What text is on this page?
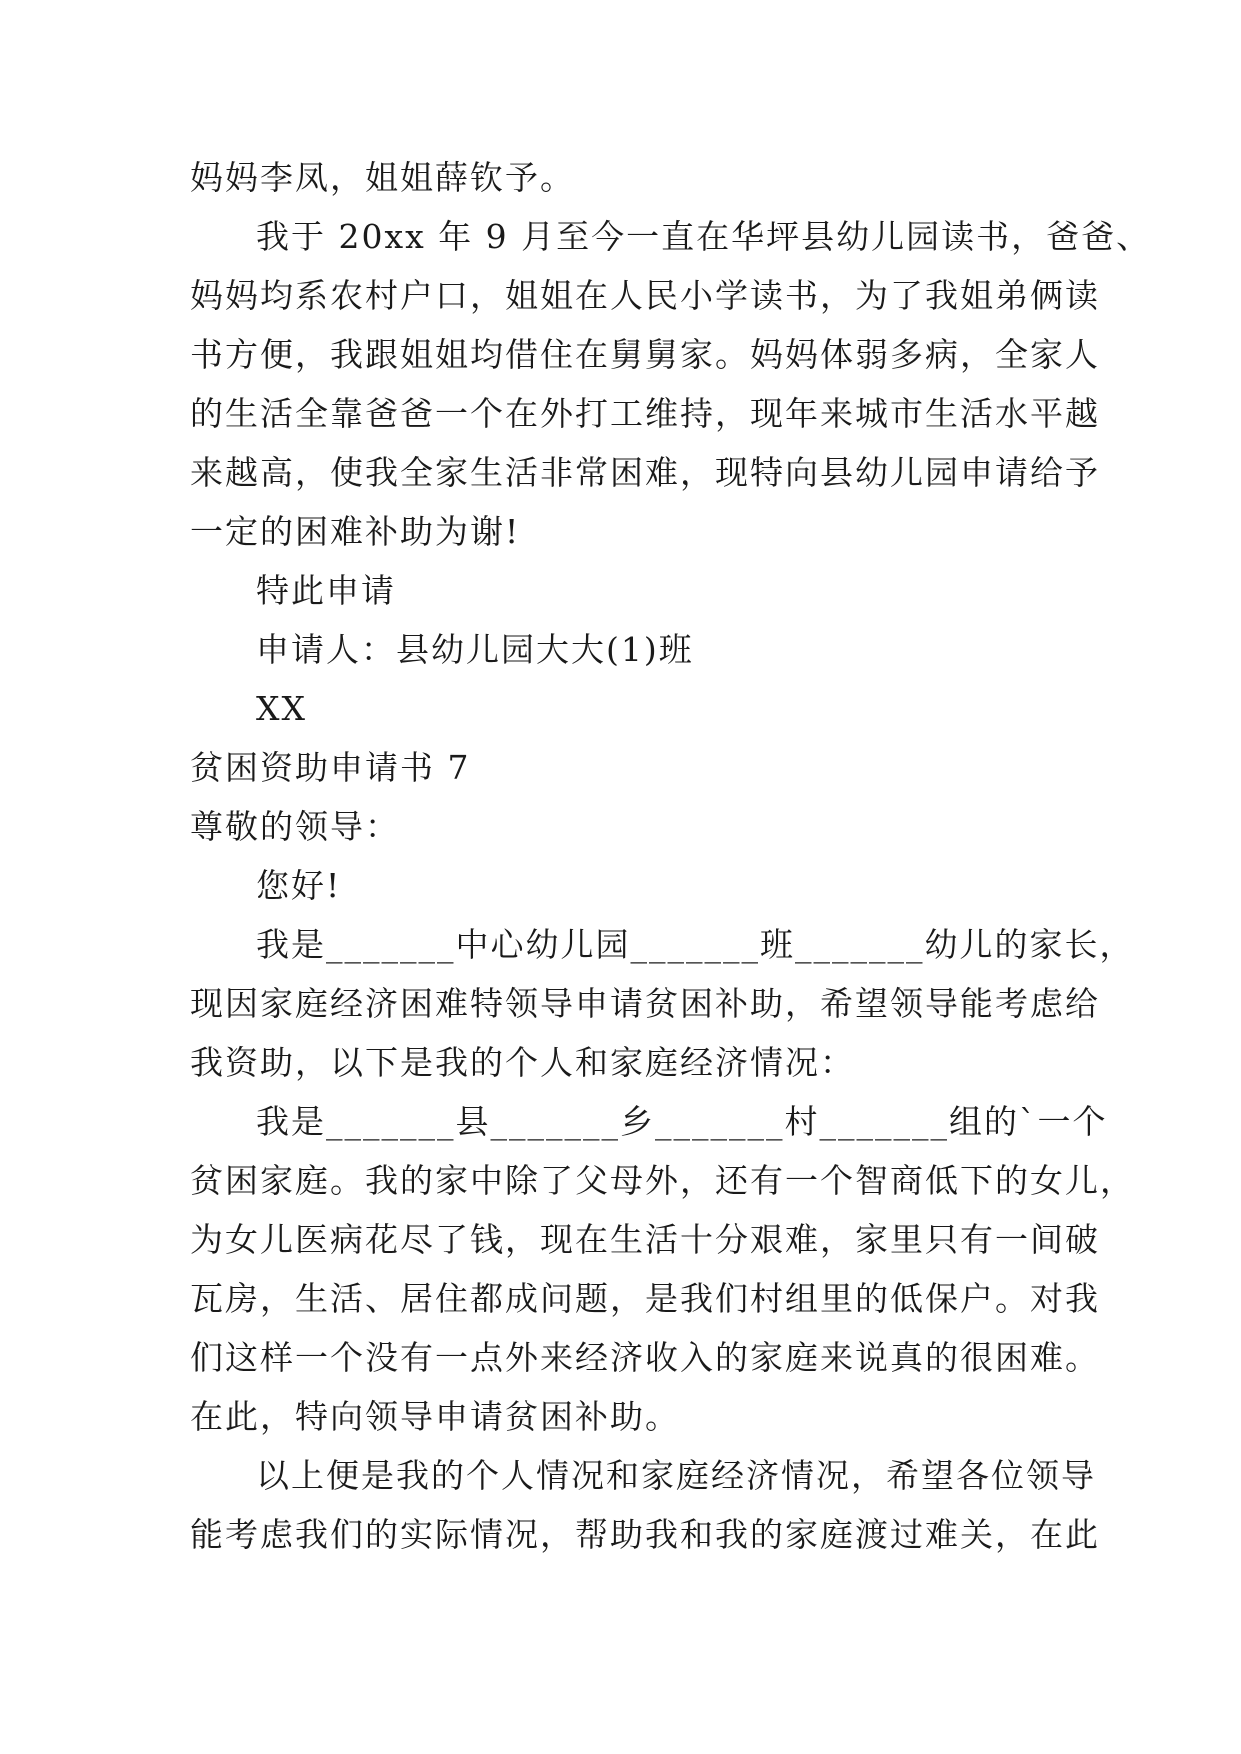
妈妈李凤，姐姐薛钦予。
我于 20xx 年 9 月至今一直在华坪县幼儿园读书，爸爸、
妈妈均系农村户口，姐姐在人民小学读书，为了我姐弟俩读
书方便，我跟姐姐均借住在舅舅家。妈妈体弱多病，全家人
的生活全靠爸爸一个在外打工维持，现年来城市生活水平越
来越高，使我全家生活非常困难，现特向县幼儿园申请给予
一定的困难补助为谢!
特此申请
申请人：县幼儿园大大(1)班
XX
贫困资助申请书 7
尊敬的领导：
您好!
我是_______中心幼儿园_______班_______幼儿的家长，
现因家庭经济困难特领导申请贫困补助，希望领导能考虑给
我资助，以下是我的个人和家庭经济情况：
我是_______县_______乡_______村_______组的`一个
贫困家庭。我的家中除了父母外，还有一个智商低下的女儿，
为女儿医病花尽了钱，现在生活十分艰难，家里只有一间破
瓦房，生活、居住都成问题，是我们村组里的低保户。对我
们这样一个没有一点外来经济收入的家庭来说真的很困难。
在此，特向领导申请贫困补助。
以上便是我的个人情况和家庭经济情况，希望各位领导
能考虑我们的实际情况，帮助我和我的家庭渡过难关，在此
